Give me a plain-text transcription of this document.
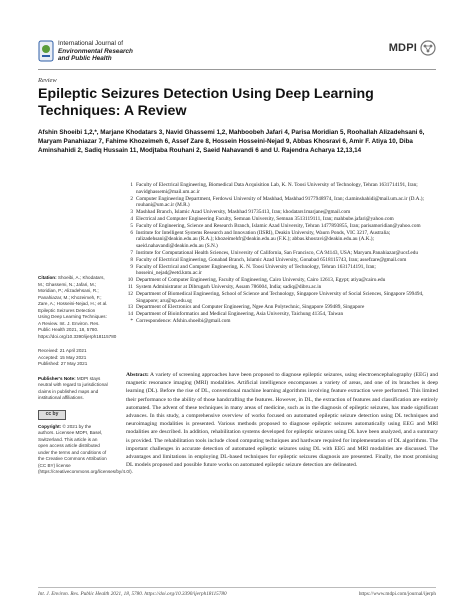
International Journal of
Environmental Research
and Public Health
MDPI
Review
Epileptic Seizures Detection Using Deep Learning Techniques: A Review
Afshin Shoeibi 1,2,*, Marjane Khodatars 3, Navid Ghassemi 1,2, Mahboobeh Jafari 4, Parisa Moridian 5, Roohallah Alizadehsani 6, Maryam Panahiazar 7, Fahime Khozeimeh 6, Assef Zare 8, Hossein Hosseini-Nejad 9, Abbas Khosravi 6, Amir F. Atiya 10, Diba Aminshahidi 2, Sadiq Hussain 11, Modjtaba Rouhani 2, Saeid Nahavandi 6 and U. Rajendra Acharya 12,13,14
1 Faculty of Electrical Engineering, Biomedical Data Acquisition Lab, K. N. Toosi University of Technology, Tehran 1631714191, Iran; navidghassemi@mail.um.ac.ir
2 Computer Engineering Department, Ferdowsi University of Mashhad, Mashhad 9177948974, Iran; d.aminshahidi@mail.um.ac.ir (D.A.); rouhani@um.ac.ir (M.R.)
3 Mashhad Branch, Islamic Azad University, Mashhad 91735413, Iran; khodatars1marjane@gmail.com
4 Electrical and Computer Engineering Faculty, Semnan University, Semnan 3513119111, Iran; mahbube.jafari@yahoo.com
5 Faculty of Engineering, Science and Research Branch, Islamic Azad University, Tehran 1477893855, Iran; parisamoridian@yahoo.com
6 Institute for Intelligent Systems Research and Innovation (IISRI), Deakin University, Waurn Ponds, VIC 3217, Australia; ralizadehsani@deakin.edu.au (R.A.); khozeimehfr@deakin.edu.au (F.K.); abbas.khosravi@deakin.edu.au (A.K.); saeid.nahavandi@deakin.edu.au (S.N.)
7 Institute for Computational Health Sciences, University of California, San Francisco, CA 94143, USA; Maryam.Panahiazar@ucsf.edu
8 Faculty of Electrical Engineering, Gonabad Branch, Islamic Azad University, Gonabad 6518115743, Iran; assefzare@gmail.com
9 Faculty of Electrical and Computer Engineering, K. N. Toosi University of Technology, Tehran 1631714191, Iran; hosseini_nejad@eetd.kntu.ac.ir
10 Department of Computer Engineering, Faculty of Engineering, Cairo University, Cairo 12613, Egypt; atiya@cairo.edu
11 System Administrator at Dibrugarh University, Assam 786004, India; sadiq@dibru.ac.in
12 Department of Biomedical Engineering, School of Science and Technology, Singapore University of Social Sciences, Singapore 599494, Singapore; aru@np.edu.sg
13 Department of Electronics and Computer Engineering, Ngee Ann Polytechnic, Singapore 599489, Singapore
14 Department of Bioinformatics and Medical Engineering, Asia University, Taichung 41354, Taiwan
* Correspondence: Afshin.shoeibi@gmail.com
Citation: Shoeibi, A.; Khodatars, M.; Ghassemi, N.; Jafari, M.; Moridian, P.; Alizadehsani, R.; Panahiazar, M.; Khozeimeh, F.; Zare, A.; Hosseini-Nejad, H.; et al. Epileptic Seizures Detection Using Deep Learning Techniques: A Review. Int. J. Environ. Res. Public Health 2021, 18, 5780. https://doi.org/10.3390/ijerph18115780
Received: 21 April 2021
Accepted: 15 May 2021
Published: 27 May 2021
Publisher's Note: MDPI stays neutral with regard to jurisdictional claims in published maps and institutional affiliations.
cc by
Copyright: © 2021 by the authors. Licensee MDPI, Basel, Switzerland. This article is an open access article distributed under the terms and conditions of the Creative Commons Attribution (CC BY) license (https://creativecommons.org/licenses/by/4.0/).
Abstract: A variety of screening approaches have been proposed to diagnose epileptic seizures, using electroencephalography (EEG) and magnetic resonance imaging (MRI) modalities. Artificial intelligence encompasses a variety of areas, and one of its branches is deep learning (DL). Before the rise of DL, conventional machine learning algorithms involving feature extraction were performed. This limited their performance to the ability of those handcrafting the features. However, in DL, the extraction of features and classification are entirely automated. The advent of these techniques in many areas of medicine, such as in the diagnosis of epileptic seizures, has made significant advances. In this study, a comprehensive overview of works focused on automated epileptic seizure detection using DL techniques and neuroimaging modalities is presented. Various methods proposed to diagnose epileptic seizures automatically using EEG and MRI modalities are described. In addition, rehabilitation systems developed for epileptic seizures using DL have been analyzed, and a summary is provided. The rehabilitation tools include cloud computing techniques and hardware required for implementation of DL algorithms. The important challenges in accurate detection of automated epileptic seizures using DL with EEG and MRI modalities are discussed. The advantages and limitations in employing DL-based techniques for epileptic seizures diagnosis are presented. Finally, the most promising DL models proposed and possible future works on automated epileptic seizure detection are delineated.
Int. J. Environ. Res. Public Health 2021, 18, 5780. https://doi.org/10.3390/ijerph18115780	https://www.mdpi.com/journal/ijerph
